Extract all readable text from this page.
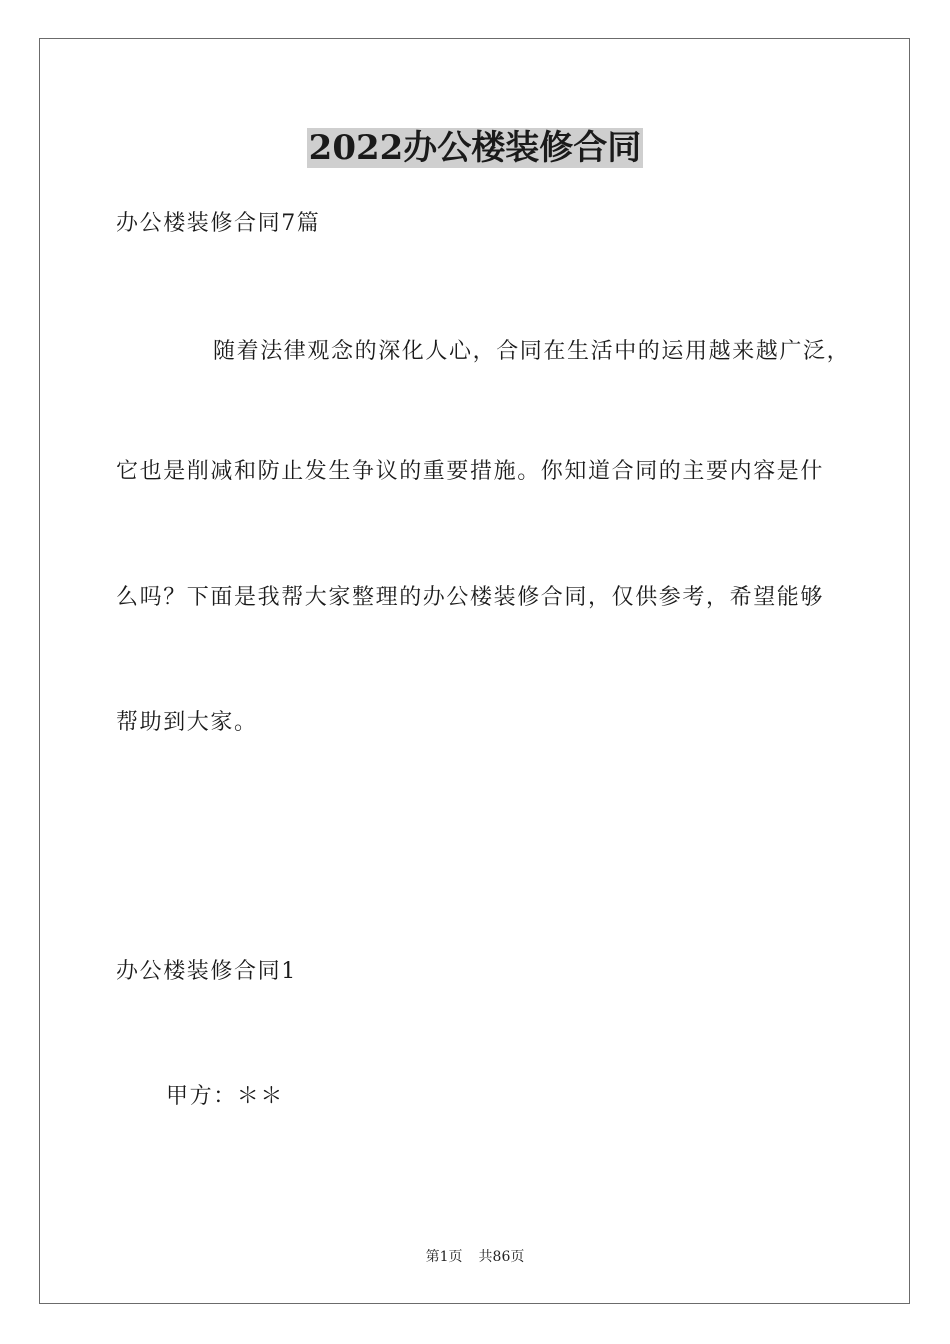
2022办公楼装修合同
办公楼装修合同7篇
随着法律观念的深化人心，合同在生活中的运用越来越广泛，
它也是削减和防止发生争议的重要措施。你知道合同的主要内容是什
么吗？下面是我帮大家整理的办公楼装修合同，仅供参考，希望能够
帮助到大家。
办公楼装修合同1
甲方：＊＊
第1页 共86页
